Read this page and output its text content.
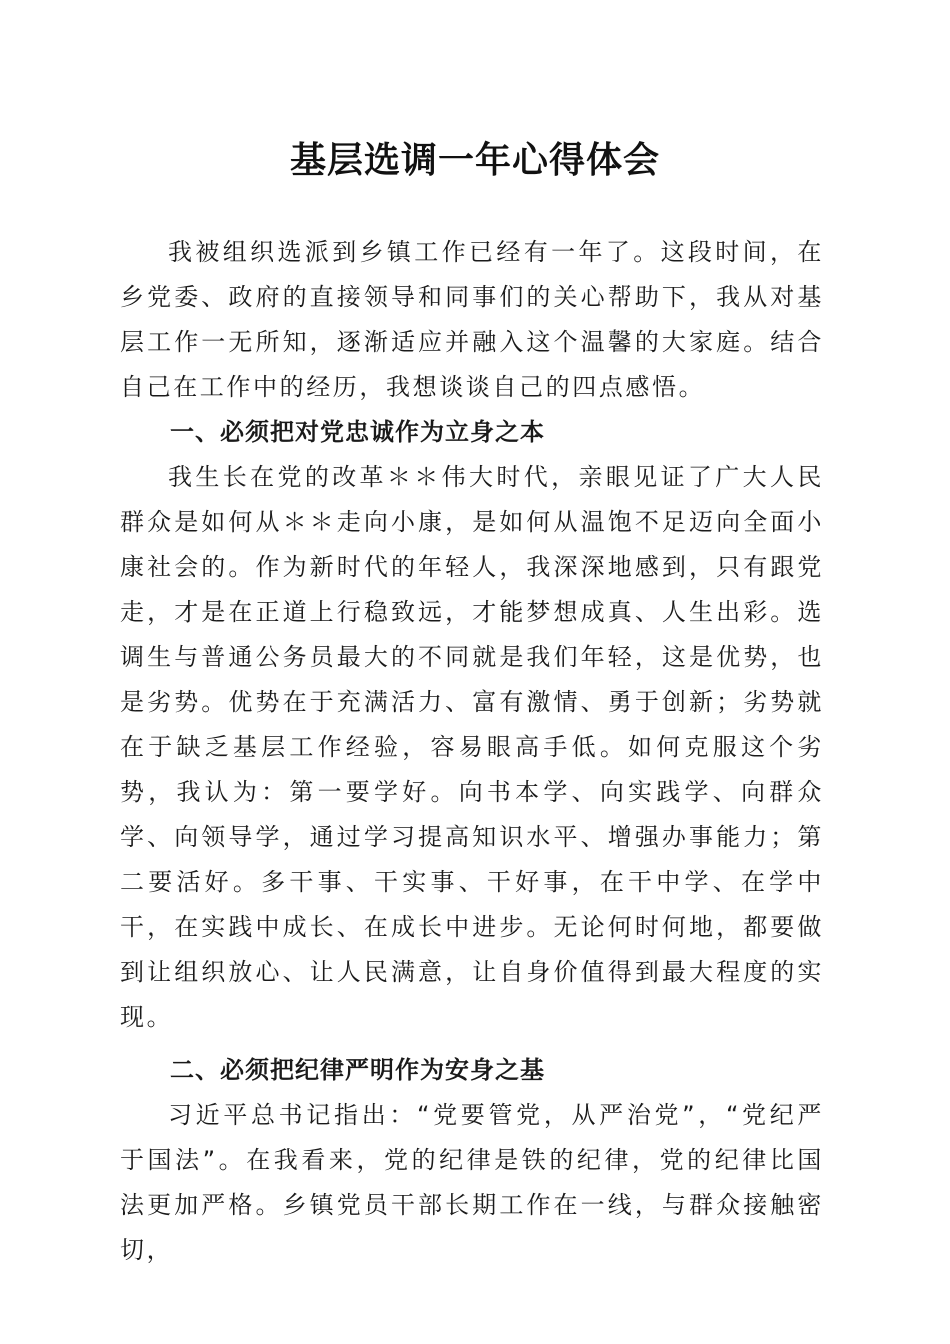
基层选调一年心得体会

我被组织选派到乡镇工作已经有一年了。这段时间，在乡党委、政府的直接领导和同事们的关心帮助下，我从对基层工作一无所知，逐渐适应并融入这个温馨的大家庭。结合自己在工作中的经历，我想谈谈自己的四点感悟。

一、必须把对党忠诚作为立身之本

我生长在党的改革＊＊伟大时代，亲眼见证了广大人民群众是如何从＊＊走向小康，是如何从温饱不足迈向全面小康社会的。作为新时代的年轻人，我深深地感到，只有跟党走，才是在正道上行稳致远，才能梦想成真、人生出彩。选调生与普通公务员最大的不同就是我们年轻，这是优势，也是劣势。优势在于充满活力、富有激情、勇于创新；劣势就在于缺乏基层工作经验，容易眼高手低。如何克服这个劣势，我认为：第一要学好。向书本学、向实践学、向群众学、向领导学，通过学习提高知识水平、增强办事能力；第二要活好。多干事、干实事、干好事，在干中学、在学中干，在实践中成长、在成长中进步。无论何时何地，都要做到让组织放心、让人民满意，让自身价值得到最大程度的实现。

二、必须把纪律严明作为安身之基

习近平总书记指出：“党要管党，从严治党”，“党纪严于国法”。在我看来，党的纪律是铁的纪律，党的纪律比国法更加严格。乡镇党员干部长期工作在一线，与群众接触密切，
